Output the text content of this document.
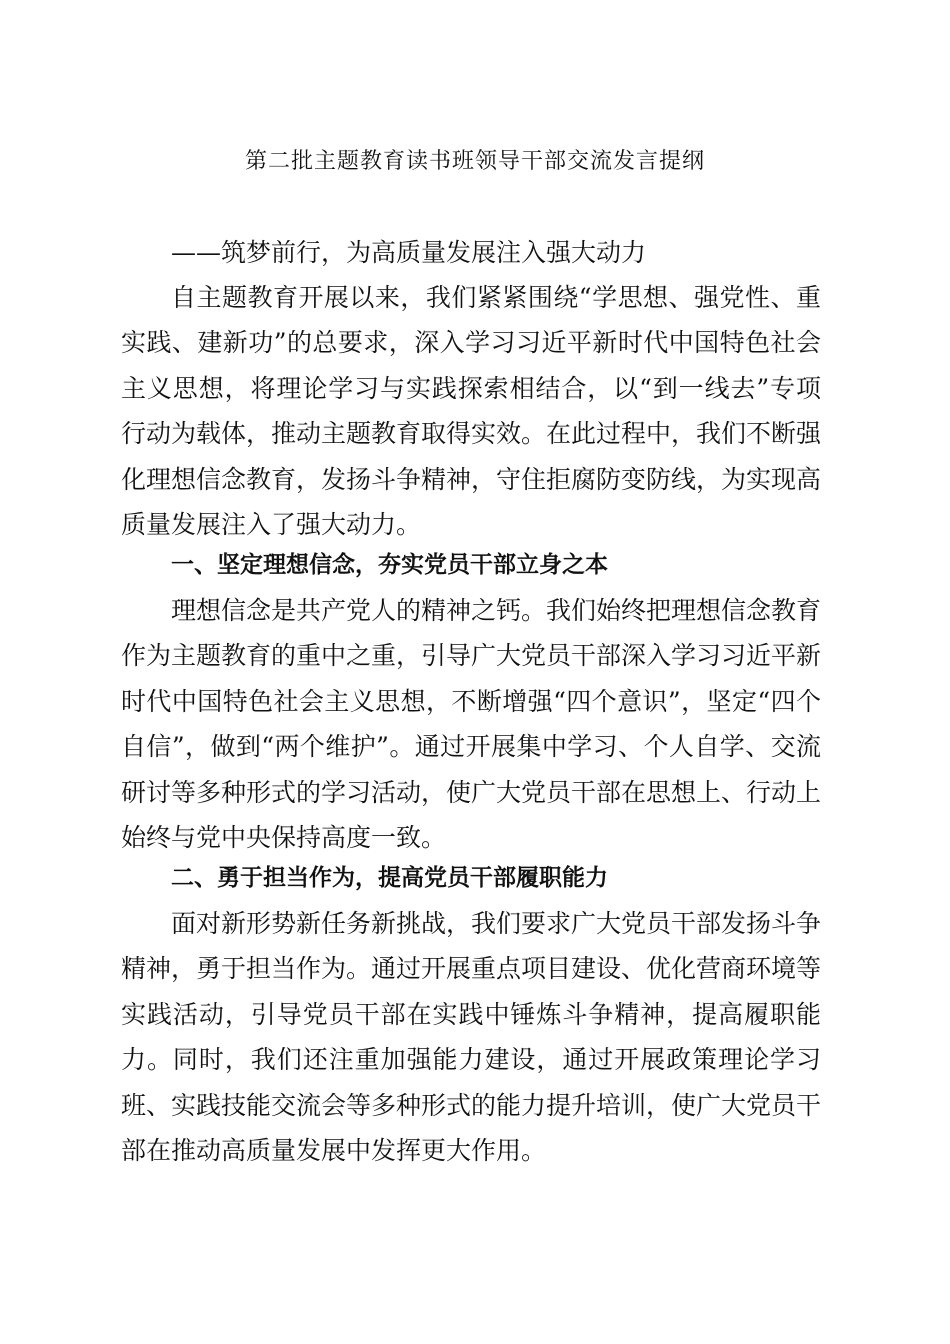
第二批主题教育读书班领导干部交流发言提纲
——筑梦前行，为高质量发展注入强大动力

自主题教育开展以来，我们紧紧围绕“学思想、强党性、重实践、建新功”的总要求，深入学习习近平新时代中国特色社会主义思想，将理论学习与实践探索相结合，以“到一线去”专项行动为载体，推动主题教育取得实效。在此过程中，我们不断强化理想信念教育，发扬斗争精神，守住拒腐防变防线，为实现高质量发展注入了强大动力。

一、坚定理想信念，夯实党员干部立身之本

理想信念是共产党人的精神之钙。我们始终把理想信念教育作为主题教育的重中之重，引导广大党员干部深入学习习近平新时代中国特色社会主义思想，不断增强“四个意识”，坚定“四个自信”，做到“两个维护”。通过开展集中学习、个人自学、交流研讨等多种形式的学习活动，使广大党员干部在思想上、行动上始终与党中央保持高度一致。

二、勇于担当作为，提高党员干部履职能力

面对新形势新任务新挑战，我们要求广大党员干部发扬斗争精神，勇于担当作为。通过开展重点项目建设、优化营商环境等实践活动，引导党员干部在实践中锤炼斗争精神，提高履职能力。同时，我们还注重加强能力建设，通过开展政策理论学习班、实践技能交流会等多种形式的能力提升培训，使广大党员干部在推动高质量发展中发挥更大作用。
